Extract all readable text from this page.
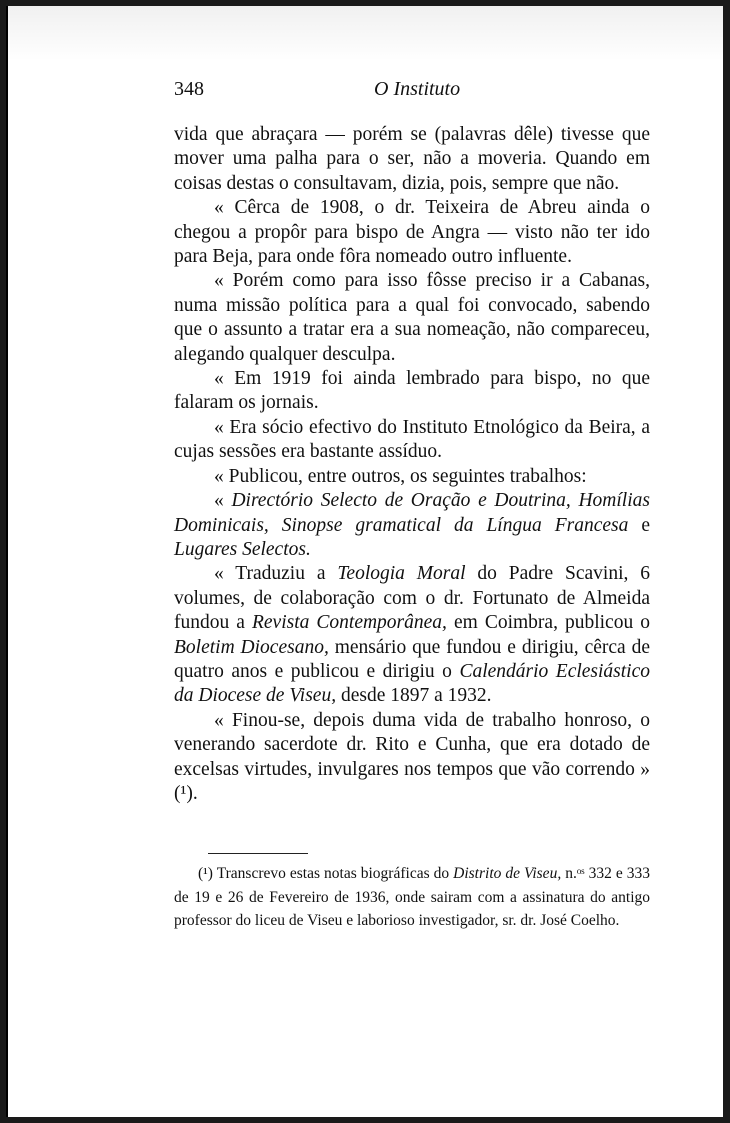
348	O Instituto

vida que abraçara — porém se (palavras dêle) tivesse que mover uma palha para o ser, não a moveria. Quando em coisas destas o consultavam, dizia, pois, sempre que não.

« Cêrca de 1908, o dr. Teixeira de Abreu ainda o chegou a propôr para bispo de Angra — visto não ter ido para Beja, para onde fôra nomeado outro influente.

« Porém como para isso fôsse preciso ir a Cabanas, numa missão política para a qual foi convocado, sabendo que o assunto a tratar era a sua nomeação, não compareceu, alegando qualquer desculpa.

« Em 1919 foi ainda lembrado para bispo, no que falaram os jornais.

« Era sócio efectivo do Instituto Etnológico da Beira, a cujas sessões era bastante assíduo.

« Publicou, entre outros, os seguintes trabalhos:

« Directório Selecto de Oração e Doutrina, Homílias Dominicais, Sinopse gramatical da Língua Francesa e Lugares Selectos.

« Traduziu a Teologia Moral do Padre Scavini, 6 volumes, de colaboração com o dr. Fortunato de Almeida fundou a Revista Contemporânea, em Coimbra, publicou o Boletim Diocesano, mensário que fundou e dirigiu, cêrca de quatro anos e publicou e dirigiu o Calendário Eclesiástico da Diocese de Viseu, desde 1897 a 1932.

« Finou-se, depois duma vida de trabalho honroso, o venerando sacerdote dr. Rito e Cunha, que era dotado de excelsas virtudes, invulgares nos tempos que vão correndo » (¹).

(¹) Transcrevo estas notas biográficas do Distrito de Viseu, n.ᵒˢ 332 e 333 de 19 e 26 de Fevereiro de 1936, onde sairam com a assinatura do antigo professor do liceu de Viseu e laborioso investigador, sr. dr. José Coelho.
